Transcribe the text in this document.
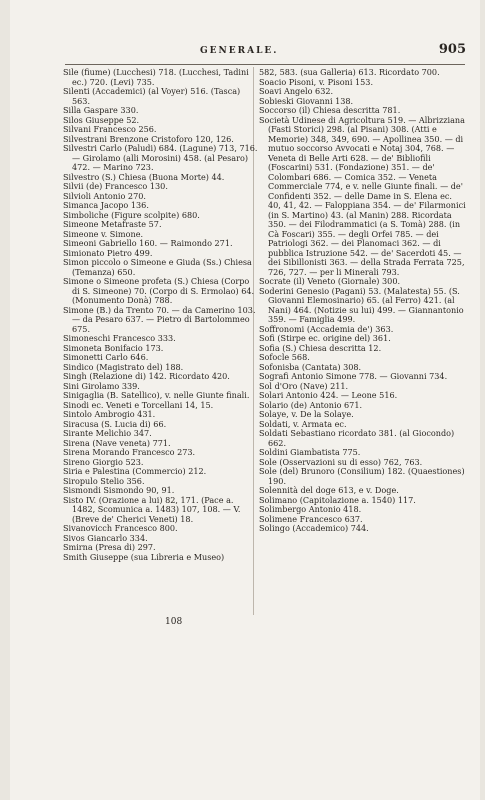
GENERALE.	905

Sile (fiume) (Lucchesi) 718. (Lucchesi, Tadini ec.) 720. (Levi) 735.

Silenti (Accademici) (al Voyer) 516. (Tasca) 563.

Silla Gaspare 330.

Silos Giuseppe 52.

Silvani Francesco 256.

Silvestrani Brenzone Cristoforo 120, 126.

Silvestri Carlo (Paludi) 684. (Lagune) 713, 716. — Girolamo (alli Morosini) 458. (al Pesaro) 472. — Marino 723.

Silvestro (S.) Chiesa (Buona Morte) 44.

Silvii (de) Francesco 130.

Silvioli Antonio 270.

Simanca Jacopo 136.

Simboliche (Figure scolpite) 680.

Simeone Metafraste 57.

Simeone v. Simone.

Simeoni Gabriello 160. — Raimondo 271.

Simionato Pietro 499.

Simon piccolo o Simeone e Giuda (Ss.) Chiesa (Temanza) 650.

Simone o Simeone profeta (S.) Chiesa (Corpo di S. Simeone) 70. (Corpo di S. Ermolao) 64. (Monumento Donà) 788.

Simone (B.) da Trento 70. — da Camerino 103. — da Pesaro 637. — Pietro di Bartolommeo 675.

Simoneschi Francesco 333.

Simoneta Bonifacio 173.

Simonetti Carlo 646.

Sindico (Magistrato del) 188.

Singh (Relazione di) 142. Ricordato 420.

Sini Girolamo 339.

Sinigaglia (B. Satellico), v. nelle Giunte finali.

Sinodi ec. Veneti e Torcellani 14, 15.

Sintolo Ambrogio 431.

Siracusa (S. Lucia di) 66.

Sirante Melichio 347.

Sirena (Nave veneta) 771.

Sirena Morando Francesco 273.

Sireno Giorgio 523.

Siria e Palestina (Commercio) 212.

Siropulo Stelio 356.

Sismondi Sismondo 90, 91.

Sisto IV. (Orazione a lui) 82, 171. (Pace a. 1482, Scomunica a. 1483) 107, 108. — V. (Breve de' Cherici Veneti) 18.

Sivanovicch Francesco 800.

Sivos Giancarlo 334.

Smirna (Presa di) 297.

Smith Giuseppe (sua Libreria e Museo)

582, 583. (sua Galleria) 613. Ricordato 700.

Soacio Pisoni, v. Pisoni 153.

Soavi Angelo 632.

Sobieski Giovanni 138.

Soccorso (il) Chiesa descritta 781.

Società Udinese di Agricoltura 519. — Albrizziana (Fasti Storici) 298. (al Pisani) 308. (Atti e Memorie) 348, 349, 690. — Apollinea 350. — di mutuo soccorso Avvocati e Notaj 304, 768. — Veneta di Belle Arti 628. — de' Bibliofili (Foscarini) 531. (Fondazione) 351. — de' Colombari 686. — Comica 352. — Veneta Commerciale 774, e v. nelle Giunte finali. — de' Confidenti 352. — delle Dame in S. Elena ec. 40, 41, 42. — Faloppiana 354. — de' Filarmonici (in S. Martino) 43. (al Manin) 288. Ricordata 350. — dei Filodrammatici (a S. Tomà) 288. (in Cà Foscari) 355. — degli Orfei 785. — dei Patriologi 362. — dei Planomaci 362. — di pubblica Istruzione 542. — de' Sacerdoti 45. — dei Sibillonisti 363. — della Strada Ferrata 725, 726, 727. — per li Minerali 793.

Socrate (il) Veneto (Giornale) 300.

Soderini Genesio (Pagani) 53. (Malatesta) 55. (S. Giovanni Elemosinario) 65. (al Ferro) 421. (al Nani) 464. (Notizie su lui) 499. — Giannantonio 359. — Famiglia 499.

Soffronomi (Accademia de') 363.

Sofi (Stirpe ec. origine del) 361.

Sofia (S.) Chiesa descritta 12.

Sofocle 568.

Sofonisba (Cantata) 308.

Sografi Antonio Simone 778. — Giovanni 734.

Sol d'Oro (Nave) 211.

Solari Antonio 424. — Leone 516.

Solario (de) Antonio 671.

Solaye, v. De la Solaye.

Soldati, v. Armata ec.

Soldati Sebastiano ricordato 381. (al Giocondo) 662.

Soldini Giambatista 775.

Sole (Osservazioni su di esso) 762, 763.

Sole (del) Brunoro (Consilium) 182. (Quaestiones) 190.

Solennità del doge 613, e v. Doge.

Solimano (Capitolazione a. 1540) 117.

Solimbergo Antonio 418.

Solimene Francesco 637.

Solingo (Accademico) 744.

108
